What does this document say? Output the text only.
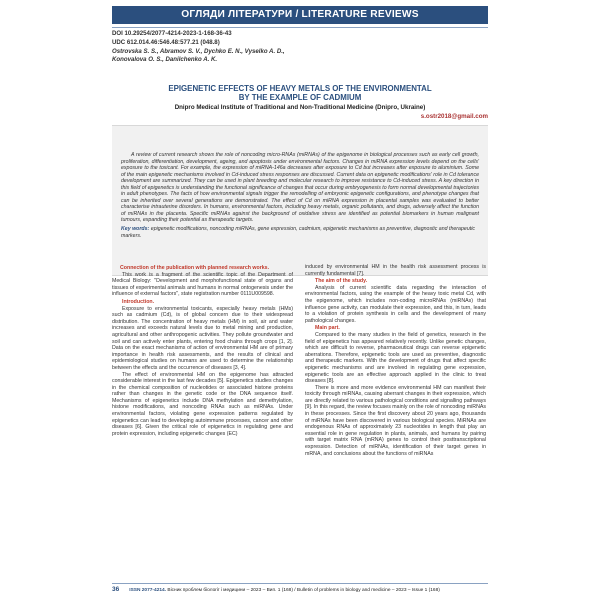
ОГЛЯДИ ЛІТЕРАТУРИ / LITERATURE REVIEWS
DOI 10.29254/2077-4214-2023-1-168-36-43
UDC 612.014.46:546.48:577.21 (048.8)
Ostrovska S. S., Abramov S. V., Dychko E. N., Vyselko A. D.,
Konovalova O. S., Danilchenko A. K.
EPIGENETIC EFFECTS OF HEAVY METALS OF THE ENVIRONMENTAL
BY THE EXAMPLE OF CADMIUM
Dnipro Medical Institute of Traditional and Non-Traditional Medicine (Dnipro, Ukraine)
s.ostr2018@gmail.com
A review of current research shows the role of noncoding micro-RNAs (miRNAs) of the epigenome in biological processes such as early cell growth, proliferation, differentiation, development, ageing, and apoptosis under environmental factors. Changes in miRNA expression levels depend on the cells' exposure to the toxicant. For example, the expression of miRNA-146a decreases after exposure to Cd but increases after exposure to aluminium. Some of the main epigenetic mechanisms involved in Cd-induced stress responses are discussed. Current data on epigenetic modifications' role in Cd tolerance development are summarized. They can be used in plant breeding and molecular research to improve resistance to Cd-induced stress. A key direction in this field of epigenetics is understanding the functional significance of changes that occur during embryogenesis to form normal developmental trajectories in adult phenotypes. The facts of how environmental signals trigger the remodelling of embryonic epigenetic configurations, and phenotype changes that can be inherited over several generations are demonstrated. The effect of Cd on miRNA expression in placental samples was evaluated to better characterise intrauterine disorders. In humans, environmental factors, including heavy metals, organic pollutants, and drugs, adversely affect the function of miRNAs in the placenta. Specific miRNAs against the background of oxidative stress are identified as potential biomarkers in human malignant tumours, expanding their potential as therapeutic targets.
Key words: epigenetic modifications, noncoding miRNAs, gene expression, cadmium, epigenetic mechanisms as preventive, diagnostic and therapeutic markers.
Connection of the publication with planned research works.

This work is a fragment of the scientific topic of the Department of Medical Biology: "Development and morphofunctional state of organs and tissues of experimental animals and humans in normal ontogenesis under the influence of external factors", state registration number 0111U009598.

Introduction.

Exposure to environmental toxicants, especially heavy metals (HMs) such as cadmium (Cd), is of global concern due to their widespread distribution. The concentration of heavy metals (HM) in soil, air and water increases and exceeds natural levels due to metal mining and production, agricultural and other anthropogenic activities. They pollute groundwater and soil and can actively enter plants, entering food chains through crops [1, 2]. Data on the exact mechanisms of action of environmental HM are of primary importance in health risk assessments, and the results of clinical and epidemiological studies on humans are used to determine the relationship between the effects and the occurrence of diseases [3, 4].

The effect of environmental HM on the epigenome has attracted considerable interest in the last few decades [5]. Epigenetics studies changes in the chemical composition of nucleotides or associated histone proteins rather than changes in the genetic code or the DNA sequence itself. Mechanisms of epigenetics include DNA methylation and demethylation, histone modifications, and noncoding RNAs such as miRNAs. Under environmental factors, violating gene expression patterns regulated by epigenetics can lead to developing autoimmune processes, cancer and other diseases [6]. Given the critical role of epigenetics in regulating gene and protein expression, including epigenetic changes (EC)

induced by environmental HM in the health risk assessment process is currently fundamental [7].

The aim of the study.

Analysis of current scientific data regarding the interaction of environmental factors, using the example of the heavy toxic metal Cd, with the epigenome, which includes non-coding microRNAs (miRNAs) that influence gene activity, can modulate their expression, and this, in turn, leads to a violation of protein synthesis in cells and the development of many pathological changes.

Main part.

Compared to the many studies in the field of genetics, research in the field of epigenetics has appeared relatively recently. Unlike genetic changes, which are difficult to reverse, pharmaceutical drugs can reverse epigenetic aberrations. Therefore, epigenetic tools are used as preventive, diagnostic and therapeutic markers. With the development of drugs that affect specific epigenetic mechanisms and are involved in regulating gene expression, epigenetic tools are an effective approach applied in the clinic to treat diseases [8].

There is more and more evidence environmental HM can manifest their toxicity through miRNAs, causing aberrant changes in their expression, which are directly related to various pathological conditions and signalling pathways [9]. In this regard, the review focuses mainly on the role of noncoding miRNAs in these processes. Since the first discovery about 20 years ago, thousands of miRNAs have been discovered in various biological species. MiRNAs are endogenous RNAs of approximately 23 nucleotides in length that play an essential role in gene regulation in plants, animals, and humans by pairing with target matrix RNA (mRNA) genes to control their posttranscriptional expression. Detection of miRNAs, identification of their target genes in mRNA, and conclusions about the functions of miRNAs

36 ISSN 2077-4214. Вісник проблем біології і медицини – 2023 – Вип. 1 (168) / Bulletin of problems in biology and medicine – 2023 – Issue 1 (168)
